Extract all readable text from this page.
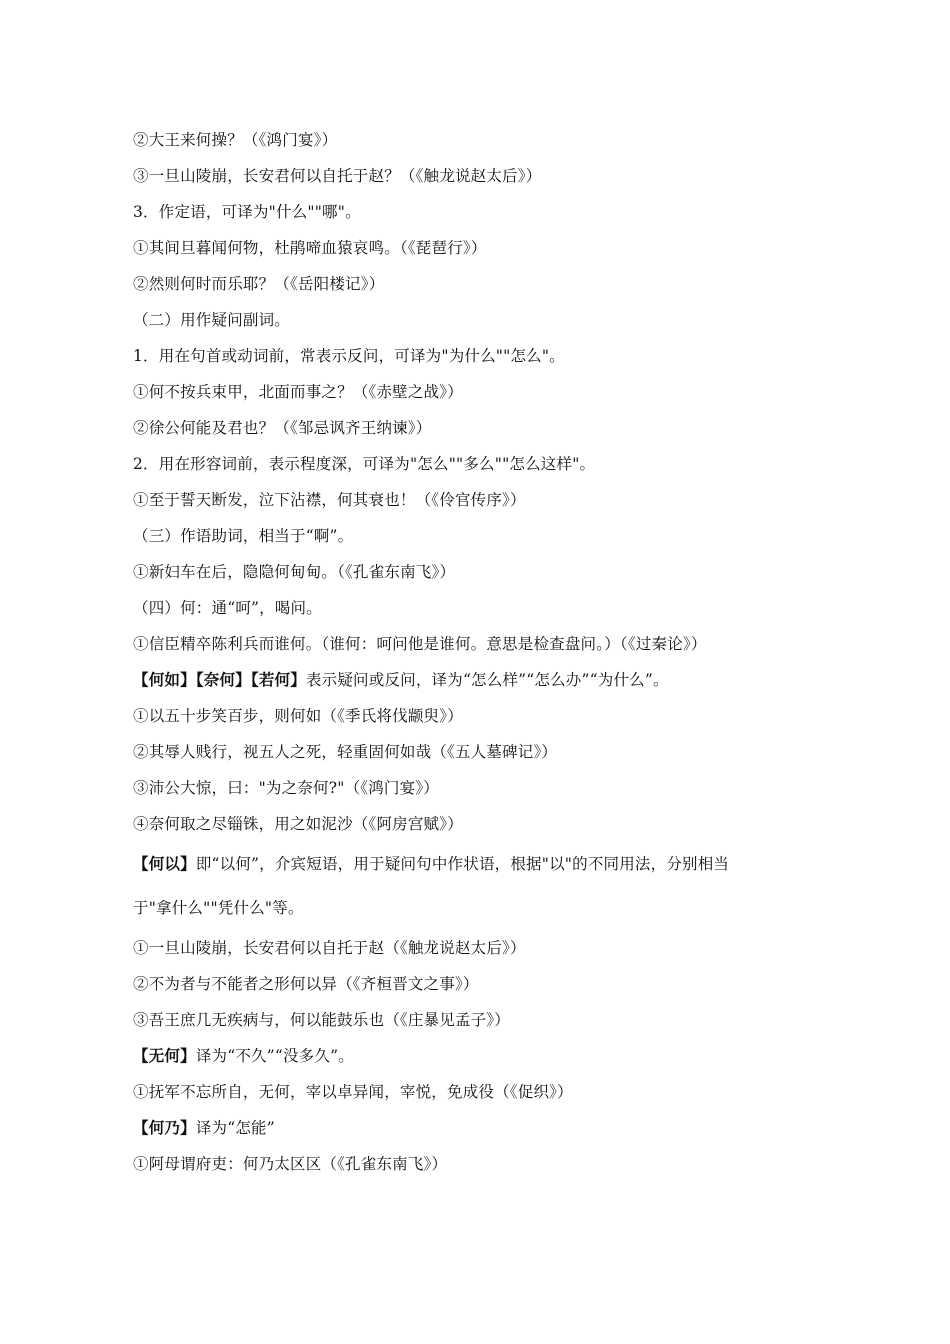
②大王来何操？（《鸿门宴》）
③一旦山陵崩，长安君何以自托于赵？（《触龙说赵太后》）
3．作定语，可译为"什么""哪"。
①其间旦暮闻何物，杜鹃啼血猿哀鸣。（《琵琶行》）
②然则何时而乐耶？（《岳阳楼记》）
（二）用作疑问副词。
1．用在句首或动词前，常表示反问，可译为"为什么""怎么"。
①何不按兵束甲，北面而事之？（《赤壁之战》）
②徐公何能及君也？（《邹忌讽齐王纳谏》）
2．用在形容词前，表示程度深，可译为"怎么""多么""怎么这样"。
①至于誓天断发，泣下沾襟，何其衰也！（《伶官传序》）
（三）作语助词，相当于“啊”。
①新妇车在后，隐隐何甸甸。（《孔雀东南飞》）
（四）何：通“呵”，喝问。
①信臣精卒陈利兵而谁何。（谁何：呵问他是谁何。意思是检查盘问。）（《过秦论》）
【何如】【奈何】【若何】表示疑问或反问，译为“怎么样”“怎么办”“为什么”。
①以五十步笑百步，则何如（《季氏将伐颛臾》）
②其辱人贱行，视五人之死，轻重固何如哉（《五人墓碑记》）
③沛公大惊，曰："为之奈何?"（《鸿门宴》）
④奈何取之尽锱铢，用之如泥沙（《阿房宫赋》）
【何以】即“以何”，介宾短语，用于疑问句中作状语，根据"以"的不同用法，分别相当
于"拿什么""凭什么"等。
①一旦山陵崩，长安君何以自托于赵（《触龙说赵太后》）
②不为者与不能者之形何以异（《齐桓晋文之事》）
③吾王庶几无疾病与，何以能鼓乐也（《庄暴见孟子》）
【无何】译为“不久”“没多久”。
①抚军不忘所自，无何，宰以卓异闻，宰悦，免成役（《促织》）
【何乃】译为“怎能”
①阿母谓府吏：何乃太区区（《孔雀东南飞》）
